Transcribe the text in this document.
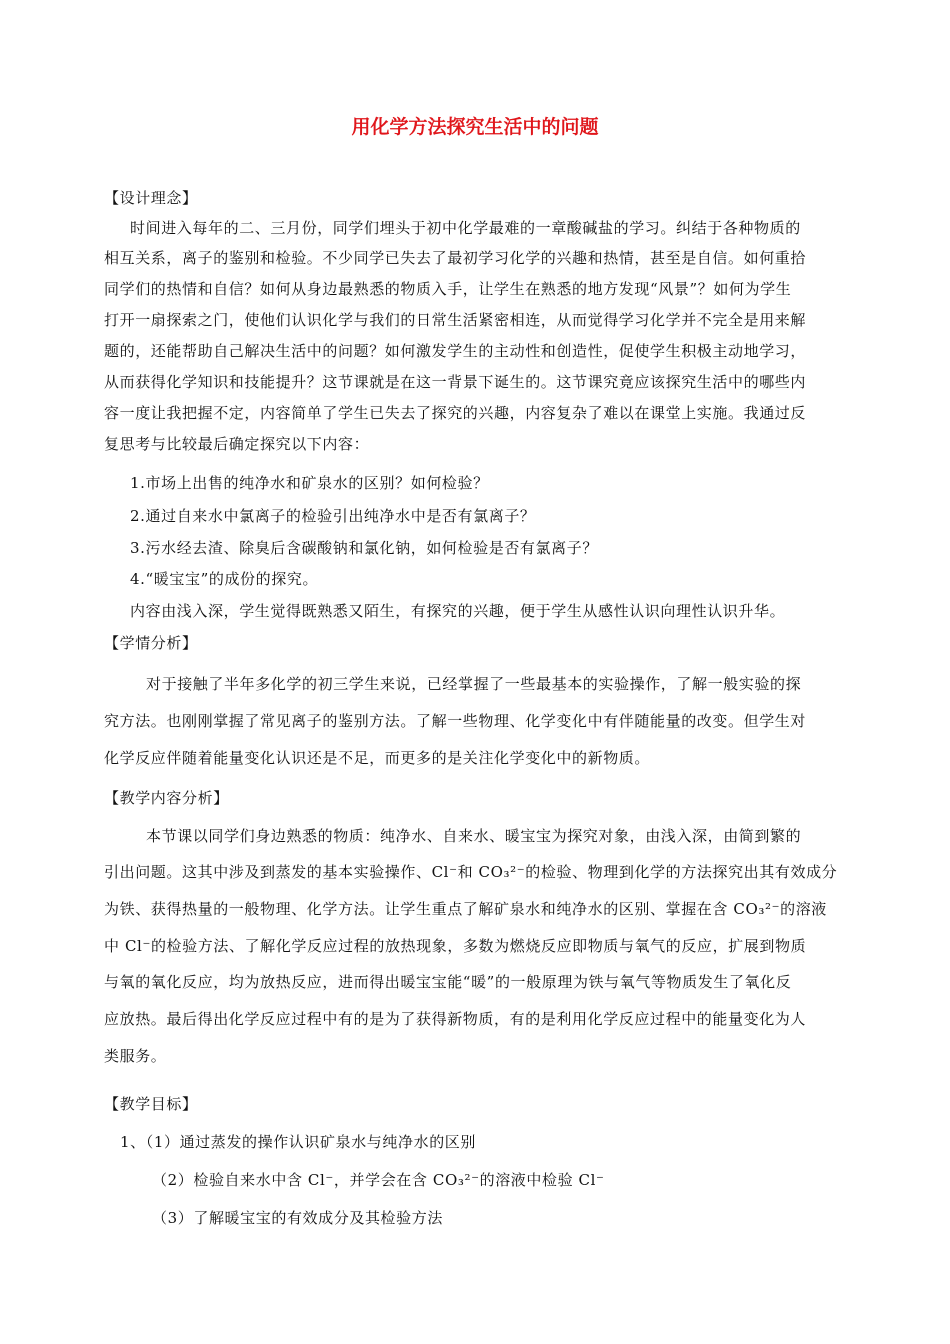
用化学方法探究生活中的问题
【设计理念】
时间进入每年的二、三月份，同学们埋头于初中化学最难的一章酸碱盐的学习。纠结于各种物质的
相互关系，离子的鉴别和检验。不少同学已失去了最初学习化学的兴趣和热情，甚至是自信。如何重拾
同学们的热情和自信？如何从身边最熟悉的物质入手，让学生在熟悉的地方发现“风景”？如何为学生
打开一扇探索之门，使他们认识化学与我们的日常生活紧密相连，从而觉得学习化学并不完全是用来解
题的，还能帮助自己解决生活中的问题？如何激发学生的主动性和创造性，促使学生积极主动地学习，
从而获得化学知识和技能提升？这节课就是在这一背景下诞生的。这节课究竟应该探究生活中的哪些内
容一度让我把握不定，内容简单了学生已失去了探究的兴趣，内容复杂了难以在课堂上实施。我通过反
复思考与比较最后确定探究以下内容：
1.市场上出售的纯净水和矿泉水的区别？如何检验？
2.通过自来水中氯离子的检验引出纯净水中是否有氯离子？
3.污水经去渣、除臭后含碳酸钠和氯化钠，如何检验是否有氯离子？
4.“暖宝宝”的成份的探究。
内容由浅入深，学生觉得既熟悉又陌生，有探究的兴趣，便于学生从感性认识向理性认识升华。
【学情分析】
对于接触了半年多化学的初三学生来说，已经掌握了一些最基本的实验操作，了解一般实验的探
究方法。也刚刚掌握了常见离子的鉴别方法。了解一些物理、化学变化中有伴随能量的改变。但学生对
化学反应伴随着能量变化认识还是不足，而更多的是关注化学变化中的新物质。
【教学内容分析】
本节课以同学们身边熟悉的物质：纯净水、自来水、暖宝宝为探究对象，由浅入深，由简到繁的
引出问题。这其中涉及到蒸发的基本实验操作、Cl⁻和 CO₃²⁻的检验、物理到化学的方法探究出其有效成分
为铁、获得热量的一般物理、化学方法。让学生重点了解矿泉水和纯净水的区别、掌握在含 CO₃²⁻的溶液
中 Cl⁻的检验方法、了解化学反应过程的放热现象，多数为燃烧反应即物质与氧气的反应，扩展到物质
与氧的氧化反应，均为放热反应，进而得出暖宝宝能“暖”的一般原理为铁与氧气等物质发生了氧化反
应放热。最后得出化学反应过程中有的是为了获得新物质，有的是利用化学反应过程中的能量变化为人
类服务。
【教学目标】
1、（1）通过蒸发的操作认识矿泉水与纯净水的区别
（2）检验自来水中含 Cl⁻，并学会在含 CO₃²⁻的溶液中检验 Cl⁻
（3）了解暖宝宝的有效成分及其检验方法
